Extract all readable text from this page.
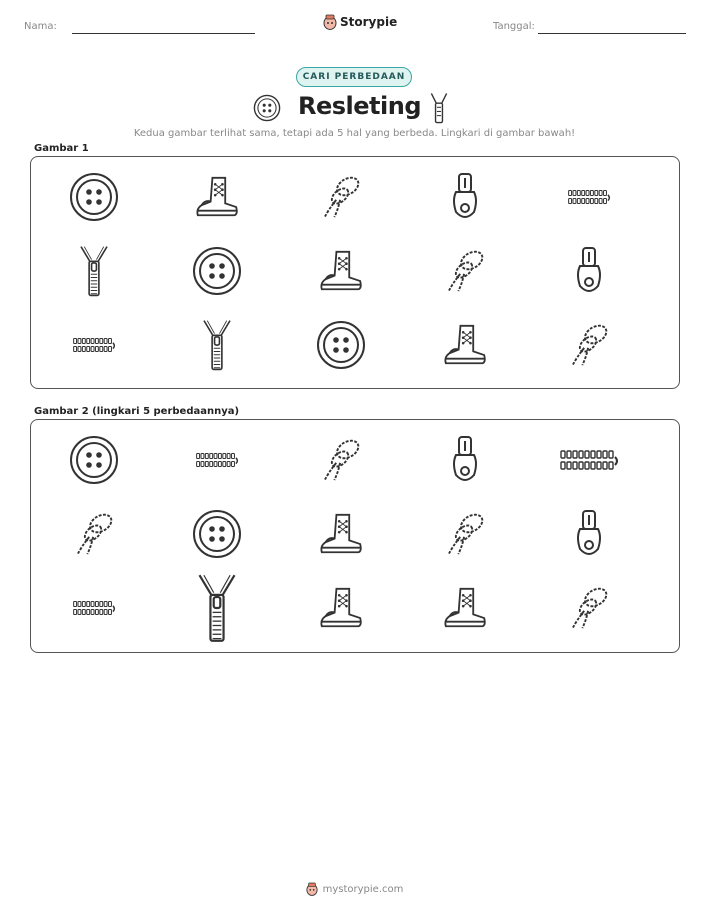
Nama:	Storypie	Tanggal:
CARI PERBEDAAN
Resleting
Kedua gambar terlihat sama, tetapi ada 5 hal yang berbeda. Lingkari di gambar bawah!
Gambar 1
Gambar 2 (lingkari 5 perbedaannya)
mystorypie.com
